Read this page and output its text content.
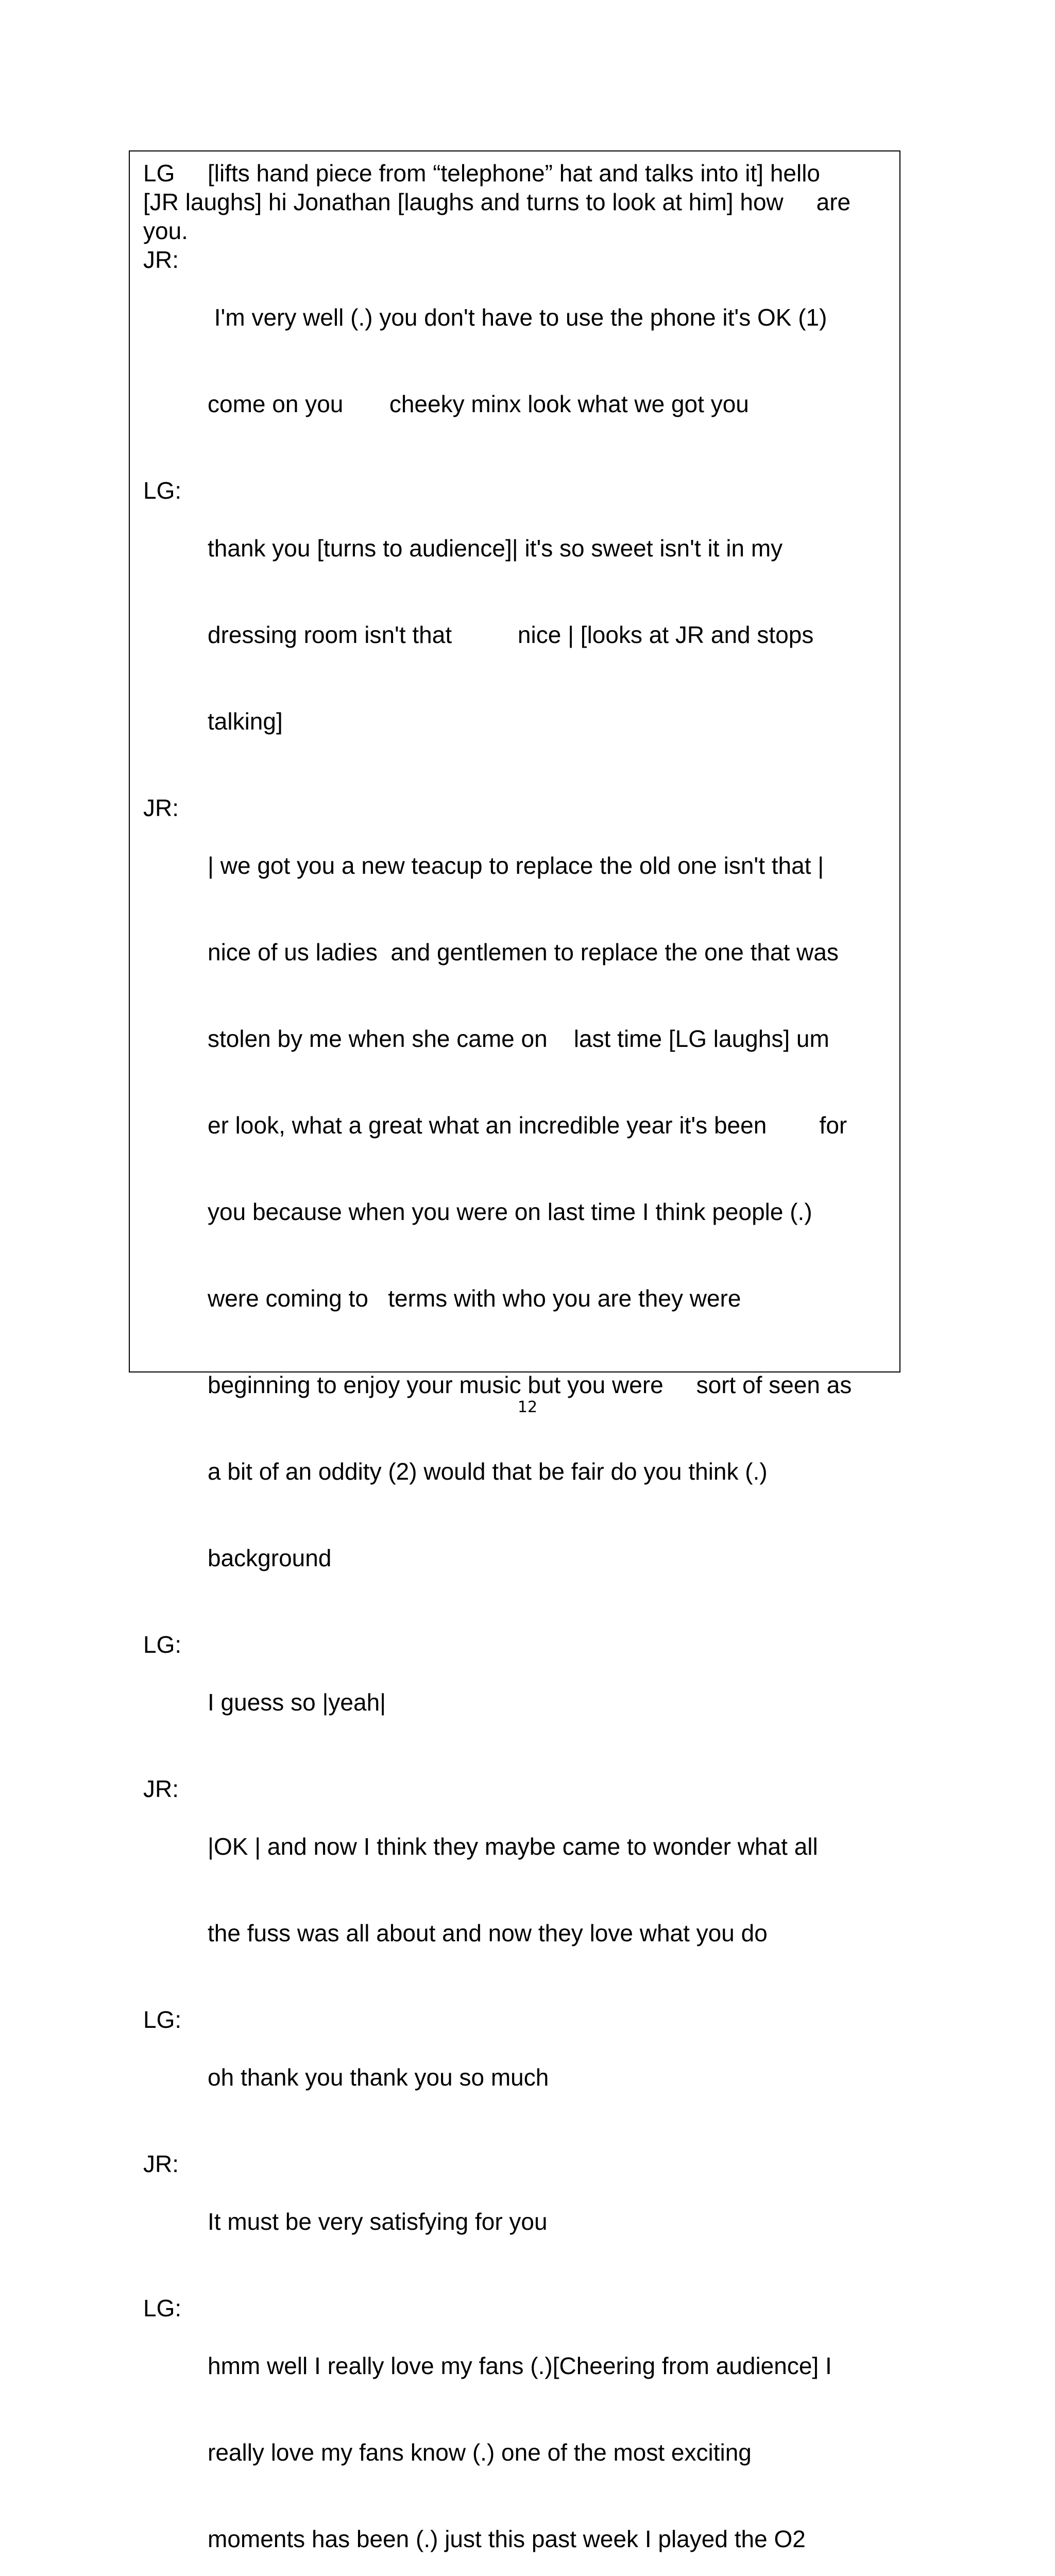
LG [lifts hand piece from “telephone” hat and talks into it] hello
[JR laughs] hi Jonathan [laughs and turns to look at him] how     are
you.
JR:

I'm very well (.) you don't have to use the phone it's OK (1)

come on you       cheeky minx look what we got you

LG:

thank you [turns to audience]| it's so sweet isn't it in my

dressing room isn't that          nice | [looks at JR and stops

talking]

JR:

| we got you a new teacup to replace the old one isn't that |

nice of us ladies  and gentlemen to replace the one that was

stolen by me when she came on    last time [LG laughs] um

er look, what a great what an incredible year it's been        for

you because when you were on last time I think people (.)

were coming to   terms with who you are they were

beginning to enjoy your music but you were     sort of seen as

a bit of an oddity (2) would that be fair do you think (.)

background

LG:

I guess so |yeah|

JR:

|OK | and now I think they maybe came to wonder what all

the fuss was all about and now they love what you do

LG:

oh thank you thank you so much

JR:

It must be very satisfying for you

LG:

hmm well I really love my fans (.)[Cheering from audience] I

really love my fans know (.) one of the most exciting

moments has been (.) just this past week I played the O2

12
